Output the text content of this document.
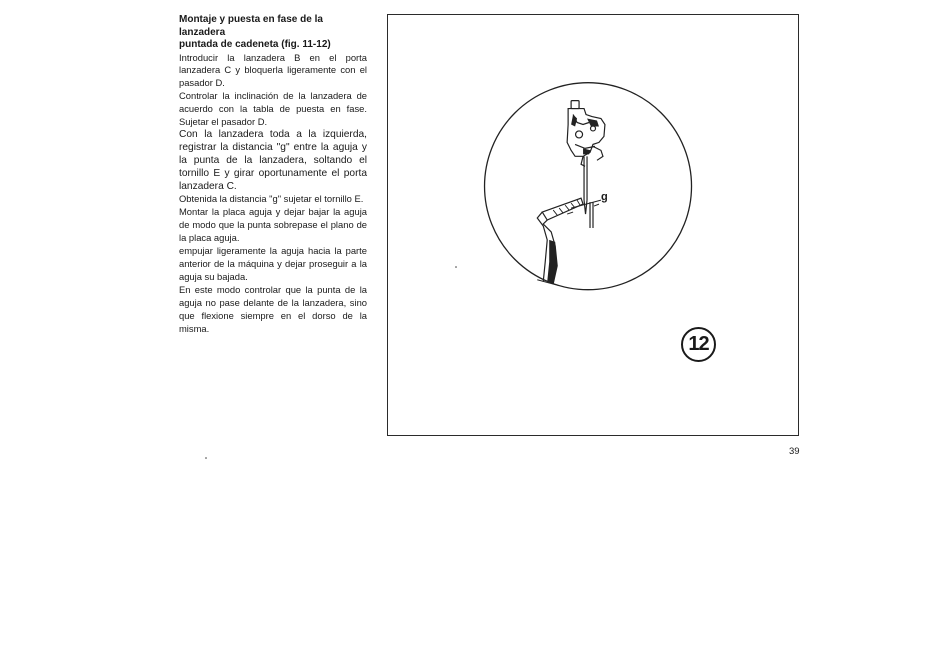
Montaje y puesta en fase de la lanzadera
puntada de cadeneta (fig. 11-12)

Introducir la lanzadera B en el porta lanzadera C y bloquerla ligeramente con el pasador D.

Controlar la inclinación de la lanzadera de acuerdo con la tabla de puesta en fase. Sujetar el pasador D.

Con la lanzadera toda a la izquierda, registrar la distancia "g" entre la aguja y la punta de la lanzadera, soltando el tornillo E y girar oportunamente el porta lanzadera C.

Obtenida la distancia "g" sujetar el tornillo E.

Montar la placa aguja y dejar bajar la aguja de modo que la punta sobrepase el plano de la placa aguja.

empujar ligeramente la aguja hacia la parte anterior de la máquina y dejar proseguir a la aguja su bajada.

En este modo controlar que la punta de la aguja no pase delante de la lanzadera, sino que flexione siempre en el dorso de la misma.

g
12
39
